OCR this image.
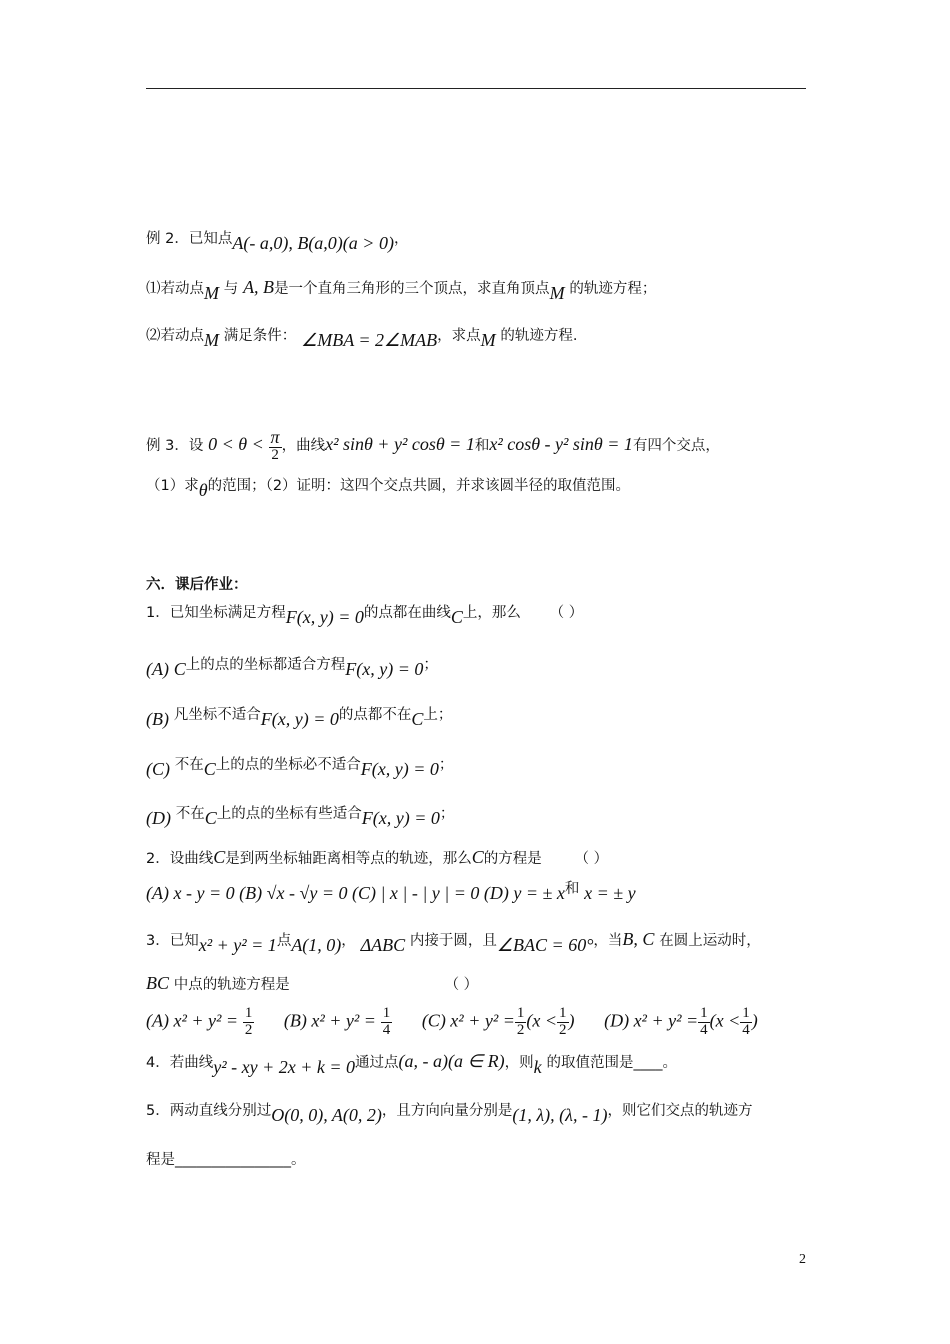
例 2．已知点A(- a,0), B(a,0)(a > 0)，
⑴若动点M 与 A, B是一个直角三角形的三个顶点，求直角顶点M 的轨迹方程；
⑵若动点M 满足条件： ∠MBA = 2∠MAB，求点M 的轨迹方程.
例 3．设 $0 < \theta < \frac{\pi}{2}$ ，曲线x² sinθ + y² cosθ = 1和x² cosθ - y² sinθ = 1有四个交点，
（1）求θ的范围；（2）证明：这四个交点共圆，并求该圆半径的取值范围。
六．课后作业：
1．已知坐标满足方程F(x, y) = 0的点都在曲线C上，那么 （ ）
(A) C上的点的坐标都适合方程F(x, y) = 0；
(B) 凡坐标不适合F(x, y) = 0的点都不在C上；
(C) 不在C上的点的坐标必不适合F(x, y) = 0；
(D) 不在C上的点的坐标有些适合F(x, y) = 0；
2．设曲线C是到两坐标轴距离相等点的轨迹，那么C的方程是 （ ）
(A) x - y = 0 (B) √x - √y = 0 (C) | x | - | y | = 0 (D) y = ± x和 x = ± y
3．已知x² + y² = 1点A(1, 0)， ΔABC 内接于圆，且∠BAC = 60°，当B, C 在圆上运动时，
BC 中点的轨迹方程是	（ ）
(A) $x^2 + y^2 = \frac{1}{2} (B) x^2 + y^2 = \frac{1}{4} (C) x^2 + y^2 = \frac{1}{2} (x < \frac{1}{2}$ ) (D) $x^2 + y^2 = \frac{1}{4} (x < \frac{1}{4}$ )
4．若曲线y² - xy + 2x + k = 0通过点(a, - a)(a ∈ R)，则k 的取值范围是____。
5．两动直线分别过O(0, 0), A(0, 2)，且方向向量分别是(1, λ), (λ, - 1)，则它们交点的轨迹方
程是________________。
2
